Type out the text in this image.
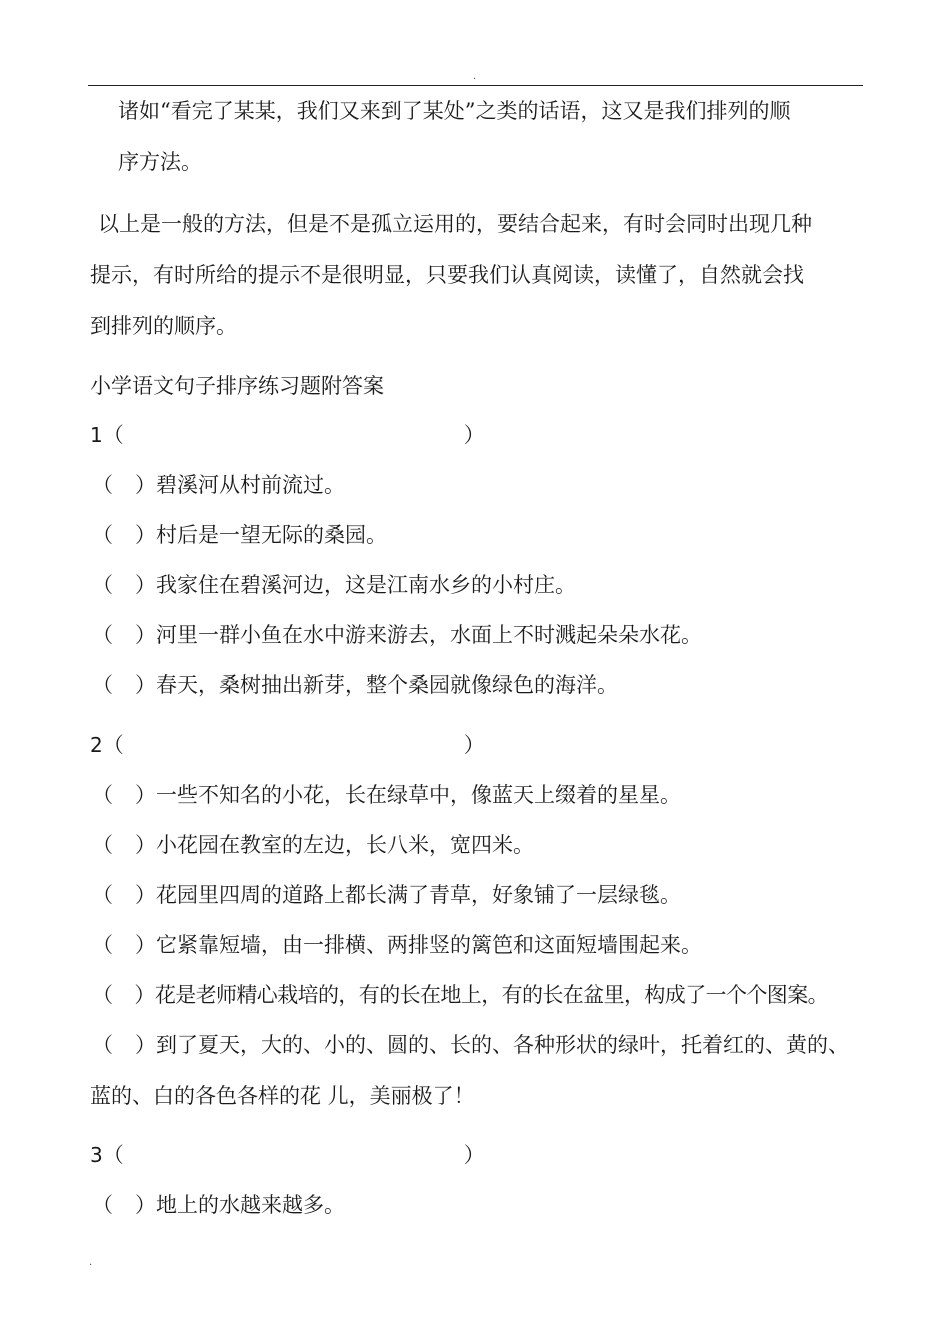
.
诸如“看完了某某，我们又来到了某处”之类的话语，这又是我们排列的顺
序方法。
以上是一般的方法，但是不是孤立运用的，要结合起来，有时会同时出现几种
提示，有时所给的提示不是很明显，只要我们认真阅读，读懂了，自然就会找
到排列的顺序。
小学语文句子排序练习题附答案
1（	）
（ ）碧溪河从村前流过。
（ ）村后是一望无际的桑园。
（ ）我家住在碧溪河边，这是江南水乡的小村庄。
（ ）河里一群小鱼在水中游来游去，水面上不时溅起朵朵水花。
（ ）春天，桑树抽出新芽，整个桑园就像绿色的海洋。
2（	）
（ ）一些不知名的小花，长在绿草中，像蓝天上缀着的星星。
（ ）小花园在教室的左边，长八米，宽四米。
（ ）花园里四周的道路上都长满了青草，好象铺了一层绿毯。
（ ）它紧靠短墙，由一排横、两排竖的篱笆和这面短墙围起来。
（ ）花是老师精心栽培的，有的长在地上，有的长在盆里，构成了一个个图案。
（ ）到了夏天，大的、小的、圆的、长的、各种形状的绿叶，托着红的、黄的、
蓝的、白的各色各样的花 儿，美丽极了！
3（	）
（ ）地上的水越来越多。
.
